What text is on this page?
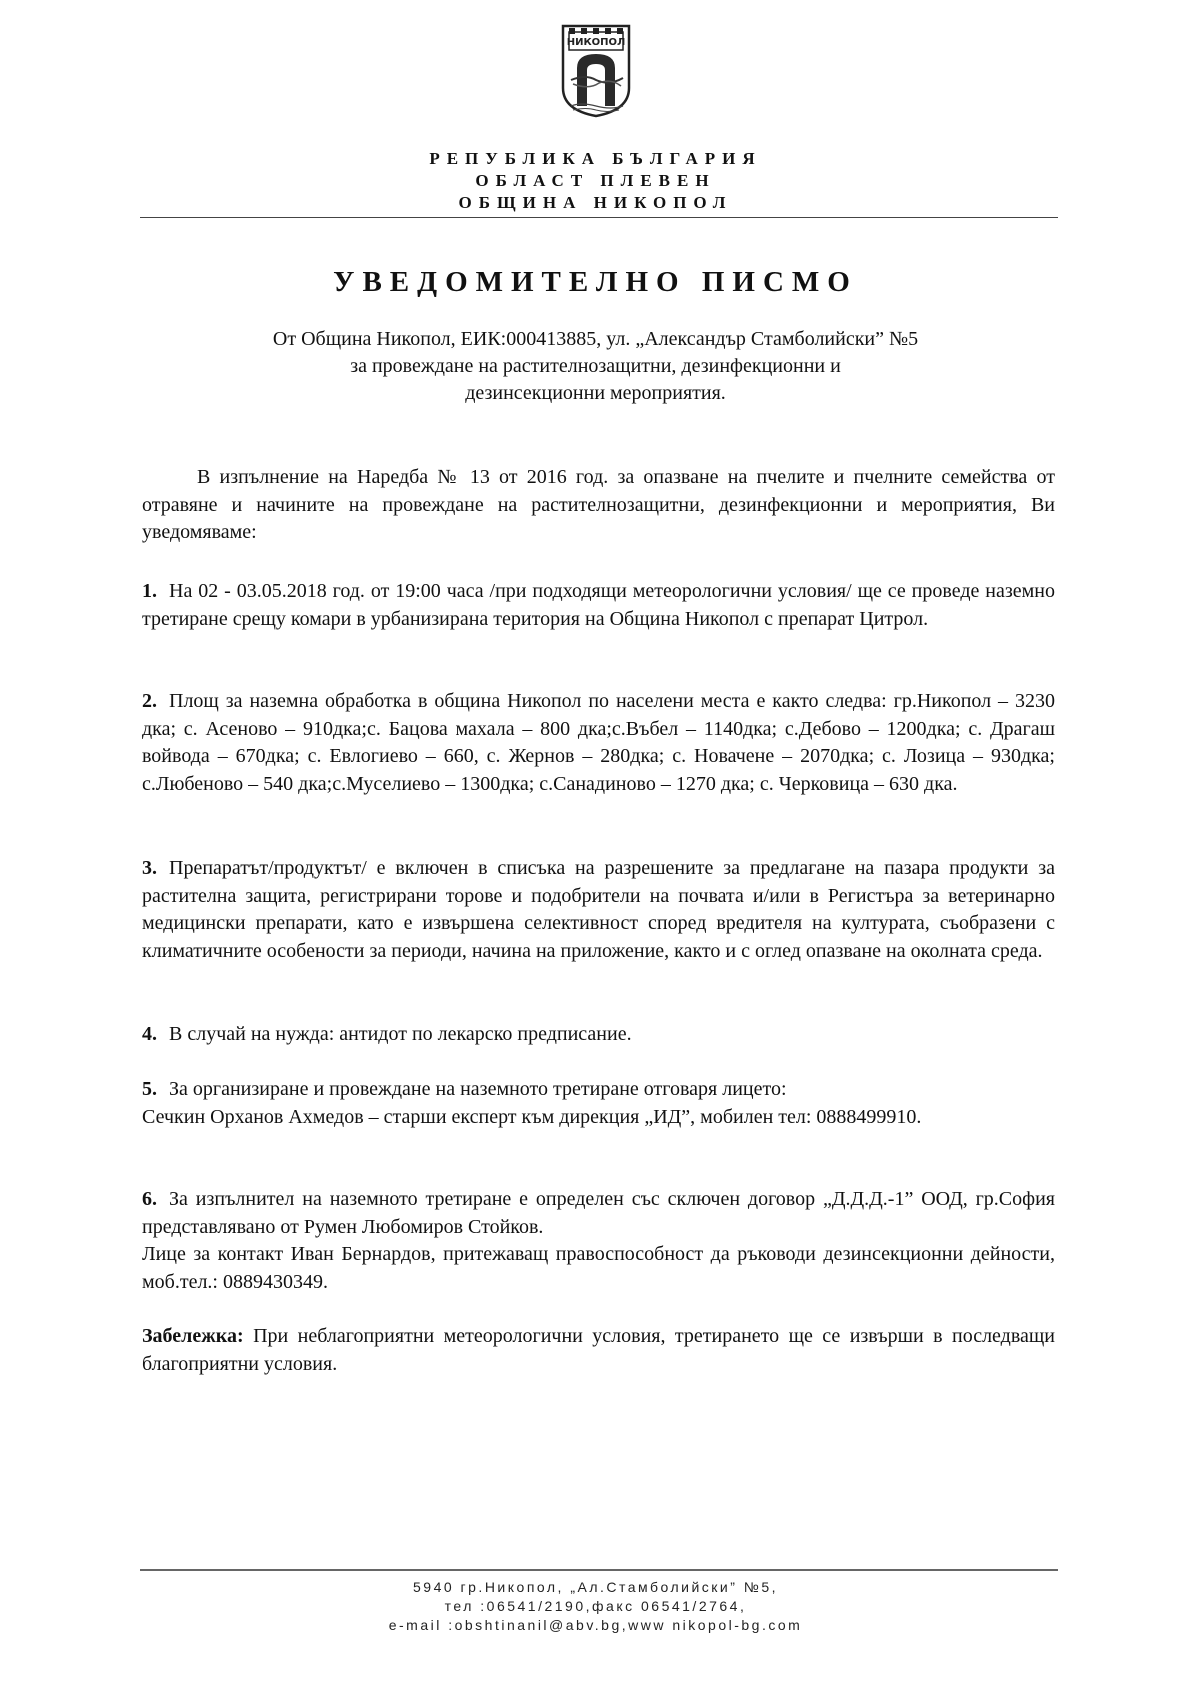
НИКОПОЛ
РЕПУБЛИКА БЪЛГАРИЯ
ОБЛАСТ ПЛЕВЕН
ОБЩИНА НИКОПОЛ
УВЕДОМИТЕЛНО ПИСМО
От Община Никопол, ЕИК:000413885, ул. „Александър Стамболийски” №5
за провеждане на растителнозащитни, дезинфекционни и
дезинсекционни мероприятия.

В изпълнение на Наредба № 13 от 2016 год. за опазване на пчелите и пчелните семейства от отравяне и начините на провеждане на растителнозащитни, дезинфекционни и мероприятия, Ви уведомяваме:

1. На 02 - 03.05.2018 год. от 19:00 часа /при подходящи метеорологични условия/ ще се проведе наземно третиране срещу комари в урбанизирана територия на Община Никопол с препарат Цитрол.

2. Площ за наземна обработка в община Никопол по населени места е както следва: гр.Никопол – 3230 дка; с. Асеново – 910дка;с. Бацова махала – 800 дка;с.Въбел – 1140дка; с.Дебово – 1200дка; с. Драгаш войвода – 670дка; с. Евлогиево – 660, с. Жернов – 280дка; с. Новачене – 2070дка; с. Лозица – 930дка; с.Любеново – 540 дка;с.Муселиево – 1300дка; с.Санадиново – 1270 дка; с. Черковица – 630 дка.

3. Препаратът/продуктът/ е включен в списъка на разрешените за предлагане на пазара продукти за растителна защита, регистрирани торове и подобрители на почвата и/или в Регистъра за ветеринарно медицински препарати, като е извършена селективност според вредителя на културата, съобразени с климатичните особености за периоди, начина на приложение, както и с оглед опазване на околната среда.

4. В случай на нужда: антидот по лекарско предписание.

5. За организиране и провеждане на наземното третиране отговаря лицето:

Сечкин Орханов Ахмедов – старши експерт към дирекция „ИД”, мобилен тел: 0888499910.

6. За изпълнител на наземното третиране е определен със сключен договор „Д.Д.Д.-1” ООД, гр.София представлявано от Румен Любомиров Стойков.

Лице за контакт Иван Бернардов, притежаващ правоспособност да ръководи дезинсекционни дейности, моб.тел.: 0889430349.

Забележка: При неблагоприятни метеорологични условия, третирането ще се извърши в последващи благоприятни условия.

5940 гр.Никопол, „Ал.Стамболийски” №5,
тел :06541/2190,факс 06541/2764,
e-mail :obshtinanil@abv.bg,www nikopol-bg.com
